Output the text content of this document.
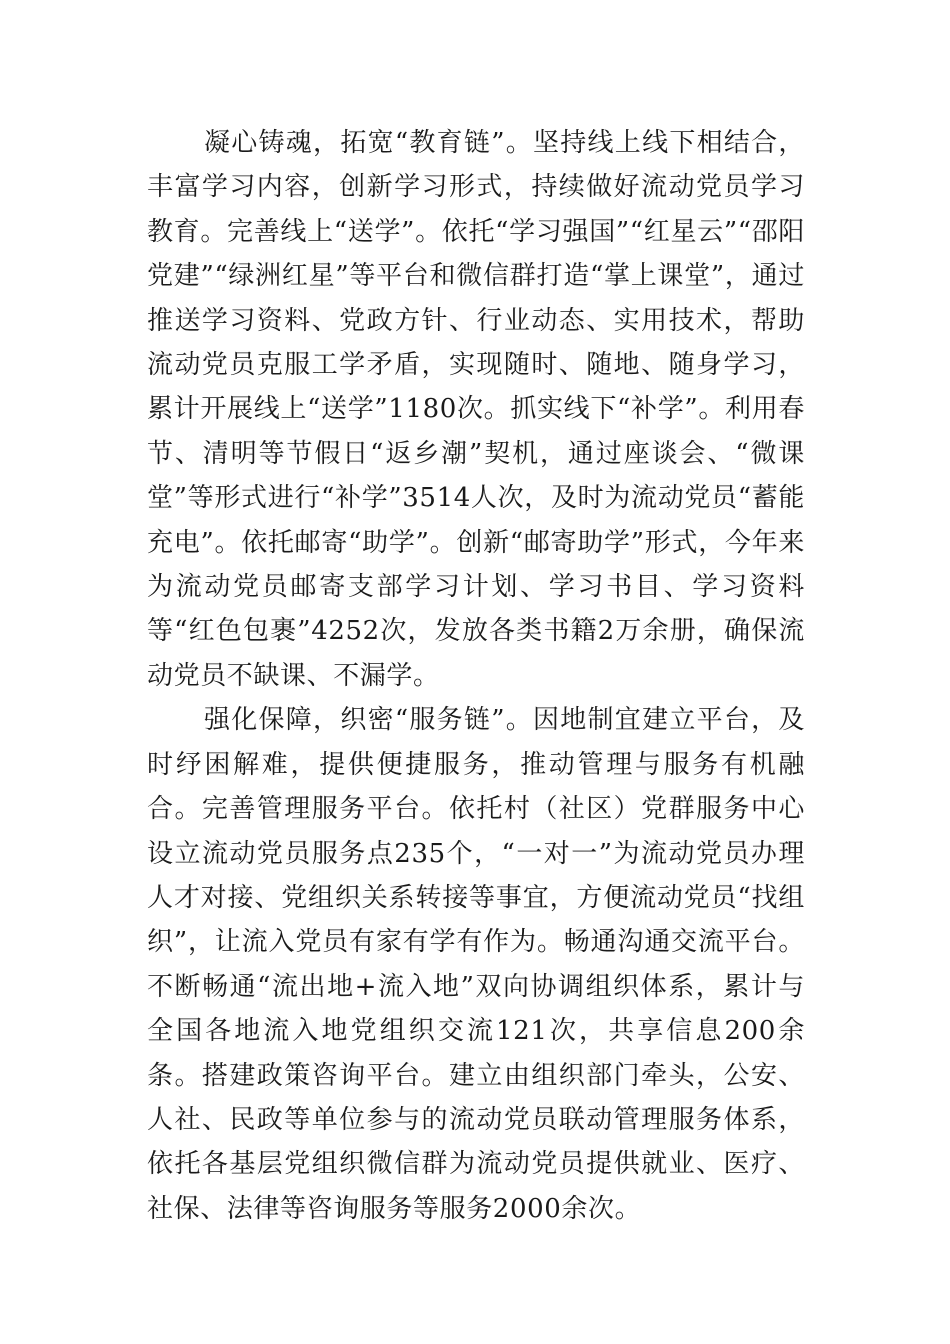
凝心铸魂，拓宽“教育链”。坚持线上线下相结合，丰富学习内容，创新学习形式，持续做好流动党员学习教育。完善线上“送学”。依托“学习强国”“红星云”“邵阳党建”“绿洲红星”等平台和微信群打造“掌上课堂”，通过推送学习资料、党政方针、行业动态、实用技术，帮助流动党员克服工学矛盾，实现随时、随地、随身学习，累计开展线上“送学”1180次。抓实线下“补学”。利用春节、清明等节假日“返乡潮”契机，通过座谈会、“微课堂”等形式进行“补学”3514人次，及时为流动党员“蓄能充电”。依托邮寄“助学”。创新“邮寄助学”形式，今年来为流动党员邮寄支部学习计划、学习书目、学习资料等“红色包裹”4252次，发放各类书籍2万余册，确保流动党员不缺课、不漏学。

强化保障，织密“服务链”。因地制宜建立平台，及时纾困解难，提供便捷服务，推动管理与服务有机融合。完善管理服务平台。依托村（社区）党群服务中心设立流动党员服务点235个，“一对一”为流动党员办理人才对接、党组织关系转接等事宜，方便流动党员“找组织”，让流入党员有家有学有作为。畅通沟通交流平台。不断畅通“流出地+流入地”双向协调组织体系，累计与全国各地流入地党组织交流121次，共享信息200余条。搭建政策咨询平台。建立由组织部门牵头，公安、人社、民政等单位参与的流动党员联动管理服务体系，依托各基层党组织微信群为流动党员提供就业、医疗、社保、法律等咨询服务等服务2000余次。
